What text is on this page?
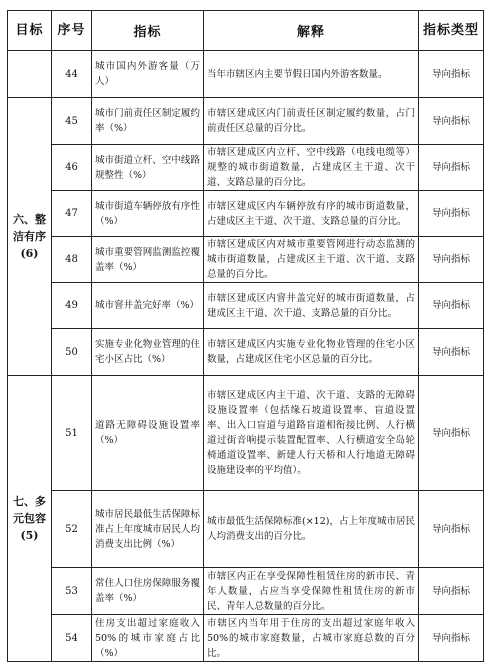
目标	序号	指标	解释	指标类型
	44	城市国内外游客量（万人）	当年市辖区内主要节假日国内外游客数量。	导向指标
六、整洁有序(6)	45	城市门前责任区制定履约率（%）	市辖区建成区内门前责任区制定履约数量，占门前责任区总量的百分比。	导向指标
	46	城市街道立杆、空中线路规整性（%）	市辖区建成区内立杆、空中线路（电线电缆等）规整的城市街道数量，占建成区主干道、次干道、支路总量的百分比。	导向指标
	47	城市街道车辆停放有序性（%）	市辖区建成区内车辆停放有序的城市街道数量，占建成区主干道、次干道、支路总量的百分比。	导向指标
	48	城市重要管网监测监控覆盖率（%）	市辖区建成区内对城市重要管网进行动态监测的城市街道数量，占建成区主干道、次干道、支路总量的百分比。	导向指标
	49	城市窨井盖完好率（%）	市辖区建成区内窨井盖完好的城市街道数量，占建成区主干道、次干道、支路总量的百分比。	导向指标
	50	实施专业化物业管理的住宅小区占比（%）	市辖区建成区内实施专业化物业管理的住宅小区数量，占建成区住宅小区总量的百分比。	导向指标
七、多元包容(5)	51	道路无障碍设施设置率（%）	市辖区建成区内主干道、次干道、支路的无障碍设施设置率（包括缘石坡道设置率、盲道设置率、出入口盲道与道路盲道相衔接比例、人行横道过街音响提示装置配置率、人行横道安全岛轮椅通道设置率、新建人行天桥和人行地道无障碍设施建设率的平均值）。	导向指标
	52	城市居民最低生活保障标准占上年度城市居民人均消费支出比例（%）	城市最低生活保障标准(×12)，占上年度城市居民人均消费支出的百分比。	导向指标
	53	常住人口住房保障服务覆盖率（%）	市辖区内正在享受保障性租赁住房的新市民、青年人数量，占应当享受保障性租赁住房的新市民、青年人总数量的百分比。	导向指标
	54	住房支出超过家庭收入50%的城市家庭占比（%）	市辖区内当年用于住房的支出超过家庭年收入50%的城市家庭数量，占城市家庭总数的百分比。	导向指标
